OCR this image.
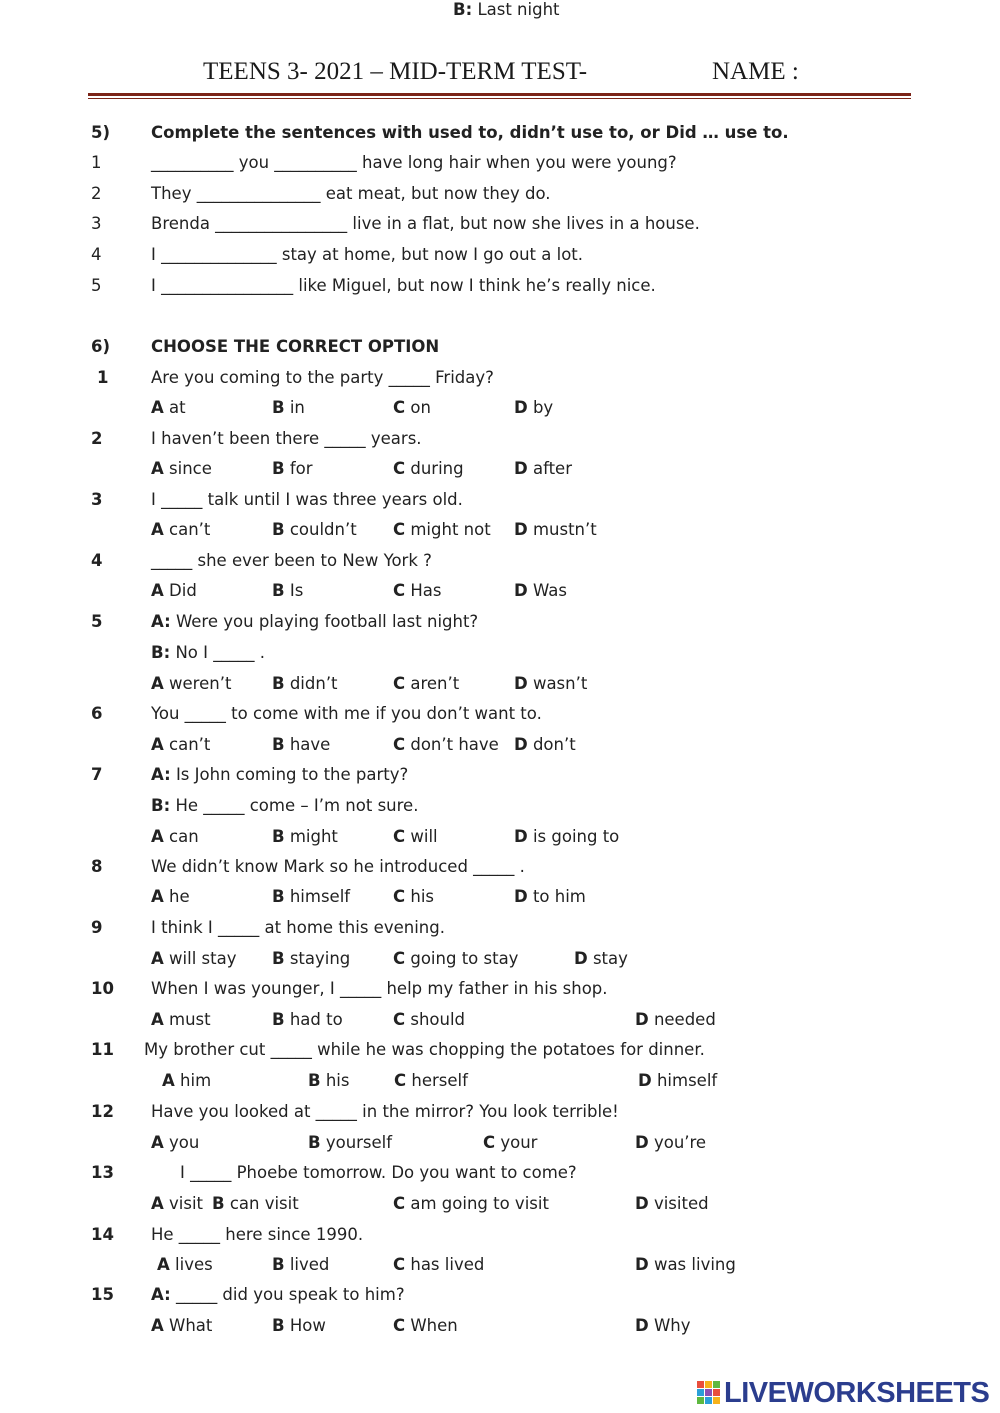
TEENS 3- 2021 – MID-TERM TEST-	NAME :
5) Complete the sentences with used to, didn’t use to, or Did … use to.
1	__________ you __________ have long hair when you were young?
2	They _______________ eat meat, but now they do.
3	Brenda ________________ live in a flat, but now she lives in a house.
4	I ______________ stay at home, but now I go out a lot.
5	I ________________ like Miguel, but now I think he’s really nice.
6) CHOOSE THE CORRECT OPTION
1	Are you coming to the party _____ Friday?
A at	B in	C on	D by
2	I haven’t been there _____ years.
A since	B for	C during	D after
3	I _____ talk until I was three years old.
A can’t	B couldn’t C might not D mustn’t
4	_____ she ever been to New York ?
A Did	B Is	C Has	D Was
5	A: Were you playing football last night?
B: No I _____ .
A weren’t B didn’t	C aren’t	D wasn’t
6	You _____ to come with me if you don’t want to.
A can’t	B have	C don’t have D don’t
7	A: Is John coming to the party?
B: He _____ come – I’m not sure.
A can	B might	C will	D is going to
8	We didn’t know Mark so he introduced _____ .
A he	B himself	C his	D to him
9	I think I _____ at home this evening.
A will stay B staying	C going to stay	D stay
10 When I was younger, I _____ help my father in his shop.
A must	B had to	C should	D needed
11 My brother cut _____ while he was chopping the potatoes for dinner.
A him	B his	C herself	D himself
12 Have you looked at _____ in the mirror? You look terrible!
A you	B yourself	C your	D you’re
13	I _____ Phoebe tomorrow. Do you want to come?
A visit B can visit	C am going to visit	D visited
14 He _____ here since 1990.
A lives	B lived	C has lived	D was living
15 A: _____ did you speak to him?
B: Last night
A What	B How	C When	D Why
LIVEWORKSHEETS
